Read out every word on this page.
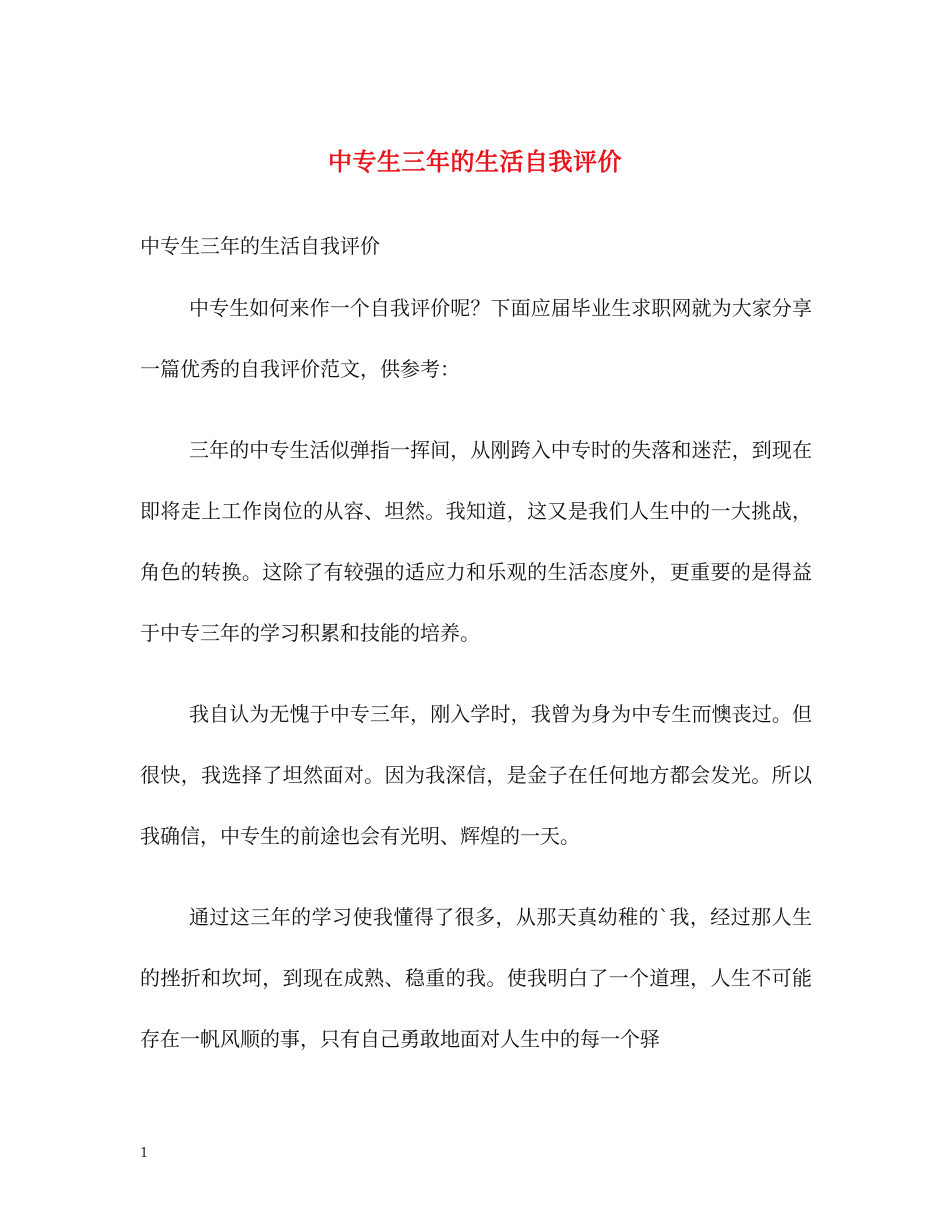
中专生三年的生活自我评价

中专生三年的生活自我评价

中专生如何来作一个自我评价呢？下面应届毕业生求职网就为大家分享一篇优秀的自我评价范文，供参考：

三年的中专生活似弹指一挥间，从刚跨入中专时的失落和迷茫，到现在即将走上工作岗位的从容、坦然。我知道，这又是我们人生中的一大挑战，角色的转换。这除了有较强的适应力和乐观的生活态度外，更重要的是得益于中专三年的学习积累和技能的培养。

我自认为无愧于中专三年，刚入学时，我曾为身为中专生而懊丧过。但很快，我选择了坦然面对。因为我深信，是金子在任何地方都会发光。所以我确信，中专生的前途也会有光明、辉煌的一天。

通过这三年的学习使我懂得了很多，从那天真幼稚的`我，经过那人生的挫折和坎坷，到现在成熟、稳重的我。使我明白了一个道理，人生不可能存在一帆风顺的事，只有自己勇敢地面对人生中的每一个驿

1
